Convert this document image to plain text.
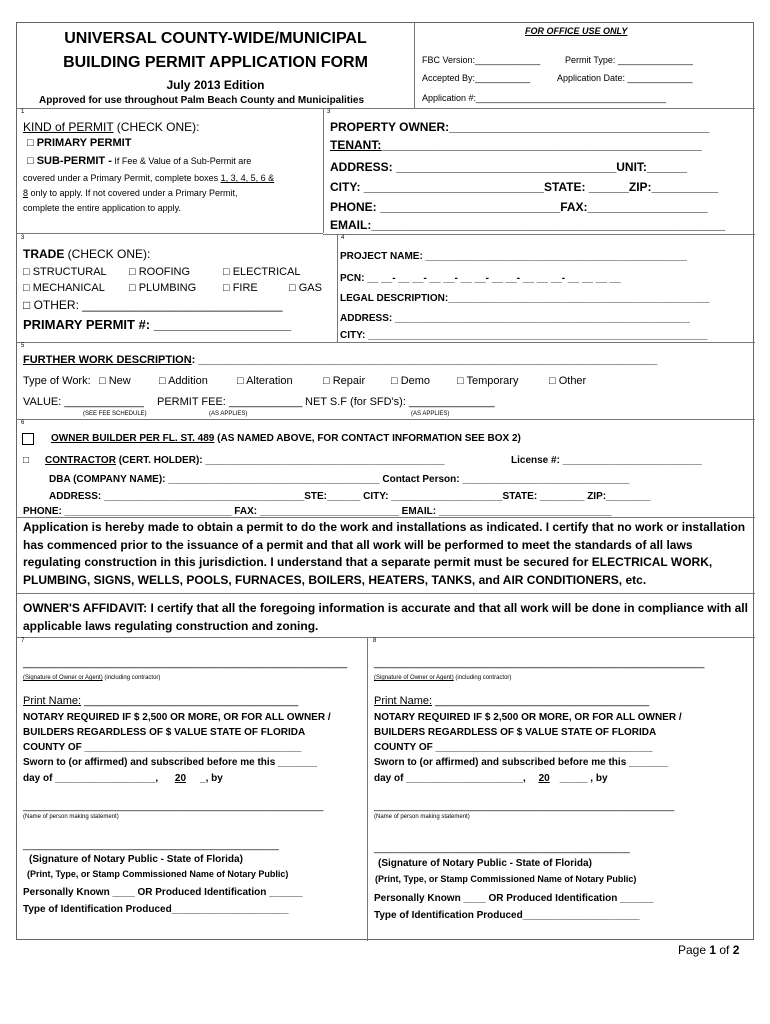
UNIVERSAL COUNTY-WIDE/MUNICIPAL
BUILDING PERMIT APPLICATION FORM
July 2013 Edition
Approved for use throughout Palm Beach County and Municipalities
FOR OFFICE USE ONLY
FBC Version:_____________	Permit Type: _______________
Accepted By:___________	Application Date: _____________
Application #:______________________________________
1
KIND of PERMIT (CHECK ONE):
□ PRIMARY PERMIT
□ SUB-PERMIT - If Fee & Value of a Sub-Permit are
covered under a Primary Permit, complete boxes 1, 3, 4, 5, 6 &
8 only to apply. If not covered under a Primary Permit,
complete the entire application to apply.
3
PROPERTY OWNER:_______________________________________
TENANT:________________________________________________
ADDRESS: _________________________________UNIT:______
CITY: ___________________________STATE: ______ZIP:__________
PHONE: ___________________________FAX:__________________
EMAIL:_____________________________________________________
3
TRADE (CHECK ONE):
□ STRUCTURAL □ ROOFING	□ ELECTRICAL
□ MECHANICAL □ PLUMBING □ FIRE	□ GAS
□ OTHER: ______________________________
PRIMARY PERMIT #: ___________________
4
PROJECT NAME: _______________________________________________
PCN: __ __- __ __- __ __- __ __- __ __- __ __ __- __ __ __ __
LEGAL DESCRIPTION:_______________________________________________
ADDRESS: _____________________________________________________
CITY: _____________________________________________________________
5
FURTHER WORK DESCRIPTION: ___________________________________________________________________________
Type of Work: □ New	□ Addition	□ Alteration	□ Repair □ Demo □ Temporary	□ Other
VALUE: _____________ PERMIT FEE: ____________ NET S.F (for SFD's): ______________
(SEE FEE SCHEDULE)	(AS APPLIES)	(AS APPLIES)
6
OWNER BUILDER PER FL. ST. 489 (AS NAMED ABOVE, FOR CONTACT INFORMATION SEE BOX 2)
□ CONTRACTOR (CERT. HOLDER): ___________________________________________	License #: _________________________
DBA (COMPANY NAME): ______________________________________ Contact Person: ______________________________
ADDRESS: ____________________________________STE:______ CITY: ____________________STATE: ________ ZIP:________
PHONE: ______________________________ FAX: _________________________ EMAIL: _______________________________
Application is hereby made to obtain a permit to do the work and installations as indicated. I certify that no work or installation has commenced prior to the issuance of a permit and that all work will be performed to meet the standards of all laws regulating construction in this jurisdiction. I understand that a separate permit must be secured for ELECTRICAL WORK, PLUMBING, SIGNS, WELLS, POOLS, FURNACES, BOILERS, HEATERS, TANKS, and AIR CONDITIONERS, etc.
OWNER'S AFFIDAVIT: I certify that all the foregoing information is accurate and that all work will be done in compliance with all applicable laws regulating construction and zoning.
7
_____________________________________________________
(Signature of Owner or Agent) (including contractor)
Print Name: ___________________________________
NOTARY REQUIRED IF $ 2,500 OR MORE, OR FOR ALL OWNER /
BUILDERS REGARDLESS OF $ VALUE STATE OF FLORIDA
COUNTY OF _______________________________________
Sworn to (or affirmed) and subscribed before me this _______
day of __________________, 20 _, by
______________________________________________________
(Name of person making statement)
______________________________________________
(Signature of Notary Public - State of Florida)
(Print, Type, or Stamp Commissioned Name of Notary Public)
Personally Known ____ OR Produced Identification ______
Type of Identification Produced_____________________
8
______________________________________________________
(Signature of Owner or Agent) (including contractor)
Print Name: ___________________________________
NOTARY REQUIRED IF $ 2,500 OR MORE, OR FOR ALL OWNER /
BUILDERS REGARDLESS OF $ VALUE STATE OF FLORIDA
COUNTY OF _______________________________________
Sworn to (or affirmed) and subscribed before me this _______
day of _____________________, 20 _____ , by
______________________________________________________
(Name of person making statement)
______________________________________________
(Signature of Notary Public - State of Florida)
(Print, Type, or Stamp Commissioned Name of Notary Public)
Personally Known ____ OR Produced Identification ______
Type of Identification Produced_____________________
Page 1 of 2
